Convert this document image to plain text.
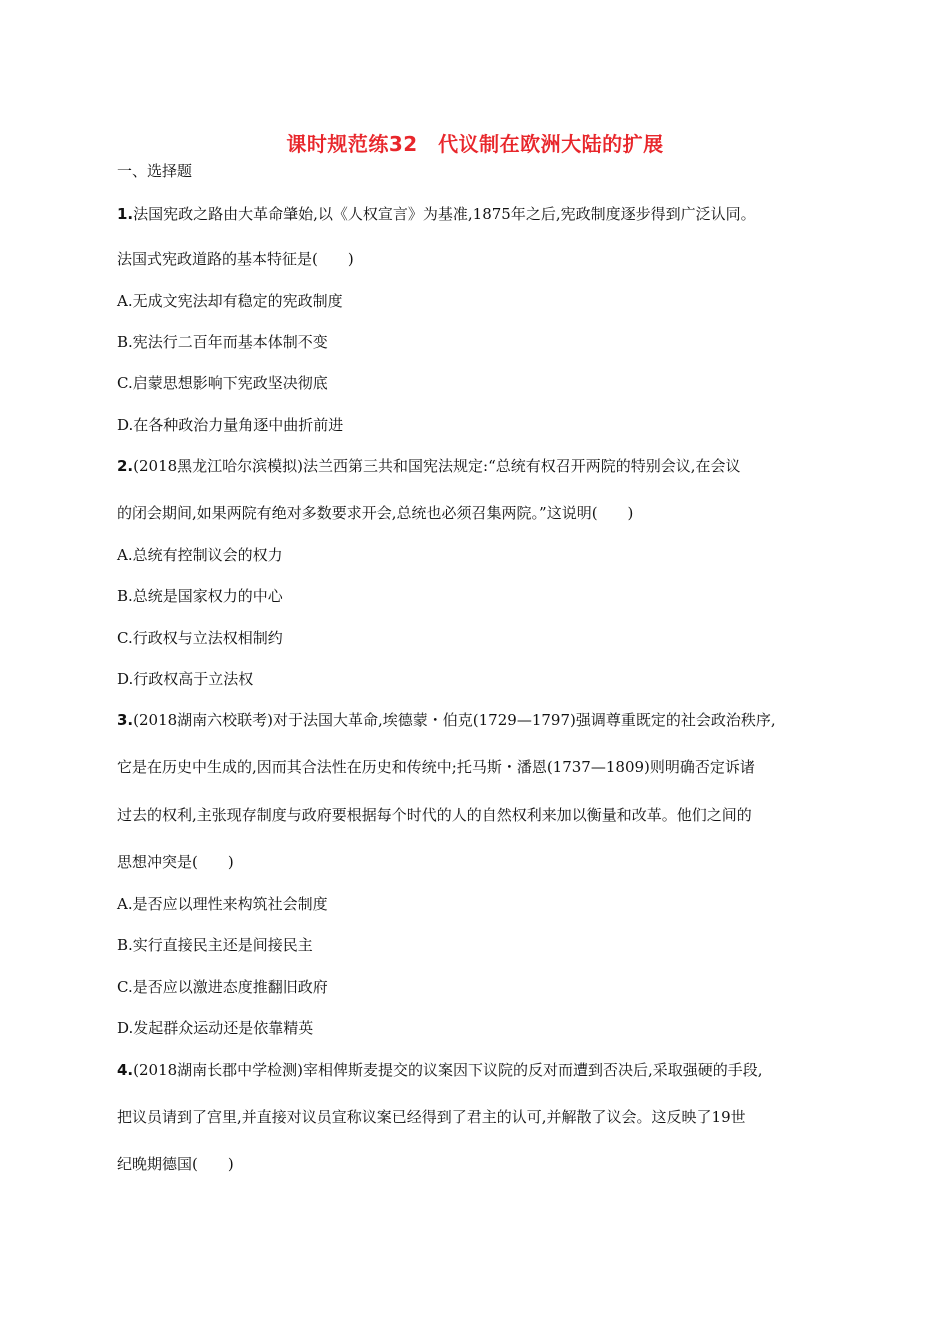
课时规范练32　代议制在欧洲大陆的扩展
一、选择题
1.法国宪政之路由大革命肇始,以《人权宣言》为基准,1875年之后,宪政制度逐步得到广泛认同。
法国式宪政道路的基本特征是(　　)
A.无成文宪法却有稳定的宪政制度
B.宪法行二百年而基本体制不变
C.启蒙思想影响下宪政坚决彻底
D.在各种政治力量角逐中曲折前进
2.(2018黑龙江哈尔滨模拟)法兰西第三共和国宪法规定:“总统有权召开两院的特别会议,在会议
的闭会期间,如果两院有绝对多数要求开会,总统也必须召集两院。”这说明(　　)
A.总统有控制议会的权力
B.总统是国家权力的中心
C.行政权与立法权相制约
D.行政权高于立法权
3.(2018湖南六校联考)对于法国大革命,埃德蒙・伯克(1729—1797)强调尊重既定的社会政治秩序,
它是在历史中生成的,因而其合法性在历史和传统中;托马斯・潘恩(1737—1809)则明确否定诉诸
过去的权利,主张现存制度与政府要根据每个时代的人的自然权利来加以衡量和改革。他们之间的
思想冲突是(　　)
A.是否应以理性来构筑社会制度
B.实行直接民主还是间接民主
C.是否应以激进态度推翻旧政府
D.发起群众运动还是依靠精英
4.(2018湖南长郡中学检测)宰相俾斯麦提交的议案因下议院的反对而遭到否决后,采取强硬的手段,
把议员请到了宫里,并直接对议员宣称议案已经得到了君主的认可,并解散了议会。这反映了19世
纪晚期德国(　　)
